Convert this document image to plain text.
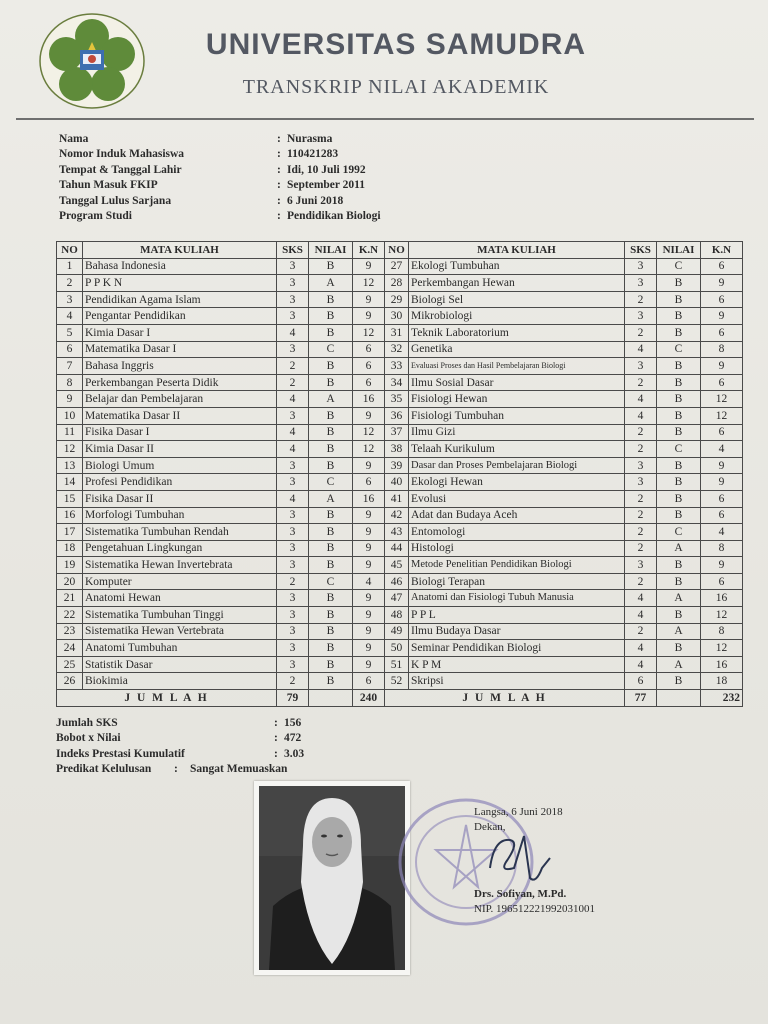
UNIVERSITAS SAMUDRA
TRANSKRIP NILAI AKADEMIK
Nama	: Nurasma
Nomor Induk Mahasiswa	: 110421283
Tempat & Tanggal Lahir	: Idi, 10 Juli 1992
Tahun Masuk FKIP	: September 2011
Tanggal Lulus Sarjana	: 6 Juni 2018
Program Studi	: Pendidikan Biologi
NO	MATA KULIAH	SKS	NILAI	K.N	NO	MATA KULIAH	SKS	NILAI	K.N
1	Bahasa Indonesia	3	B	9	27	Ekologi Tumbuhan	3	C	6
2	P P K N	3	A	12	28	Perkembangan Hewan	3	B	9
3	Pendidikan Agama Islam	3	B	9	29	Biologi Sel	2	B	6
4	Pengantar Pendidikan	3	B	9	30	Mikrobiologi	3	B	9
5	Kimia Dasar I	4	B	12	31	Teknik Laboratorium	2	B	6
6	Matematika Dasar I	3	C	6	32	Genetika	4	C	8
7	Bahasa Inggris	2	B	6	33	Evaluasi Proses dan Hasil Pembelajaran Biologi	3	B	9
8	Perkembangan Peserta Didik	2	B	6	34	Ilmu Sosial Dasar	2	B	6
9	Belajar dan Pembelajaran	4	A	16	35	Fisiologi Hewan	4	B	12
10	Matematika Dasar II	3	B	9	36	Fisiologi Tumbuhan	4	B	12
11	Fisika Dasar I	4	B	12	37	Ilmu Gizi	2	B	6
12	Kimia Dasar II	4	B	12	38	Telaah Kurikulum	2	C	4
13	Biologi Umum	3	B	9	39	Dasar dan Proses Pembelajaran Biologi	3	B	9
14	Profesi Pendidikan	3	C	6	40	Ekologi Hewan	3	B	9
15	Fisika Dasar II	4	A	16	41	Evolusi	2	B	6
16	Morfologi Tumbuhan	3	B	9	42	Adat dan Budaya Aceh	2	B	6
17	Sistematika Tumbuhan Rendah	3	B	9	43	Entomologi	2	C	4
18	Pengetahuan Lingkungan	3	B	9	44	Histologi	2	A	8
19	Sistematika Hewan Invertebrata	3	B	9	45	Metode Penelitian Pendidikan Biologi	3	B	9
20	Komputer	2	C	4	46	Biologi Terapan	2	B	6
21	Anatomi Hewan	3	B	9	47	Anatomi dan Fisiologi Tubuh Manusia	4	A	16
22	Sistematika Tumbuhan Tinggi	3	B	9	48	P P L	4	B	12
23	Sistematika Hewan Vertebrata	3	B	9	49	Ilmu Budaya Dasar	2	A	8
24	Anatomi Tumbuhan	3	B	9	50	Seminar Pendidikan Biologi	4	B	12
25	Statistik Dasar	3	B	9	51	K P M	4	A	16
26	Biokimia	2	B	6	52	Skripsi	6	B	18
J U M L A H		79		240	J U M L A H		77		232
Jumlah SKS	: 156
Bobot x Nilai	: 472
Indeks Prestasi Kumulatif	: 3.03
Predikat Kelulusan	:	Sangat Memuaskan
Langsa, 6 Juni 2018
Dekan,
Drs. Sofiyan, M.Pd.
NIP. 196512221992031001
